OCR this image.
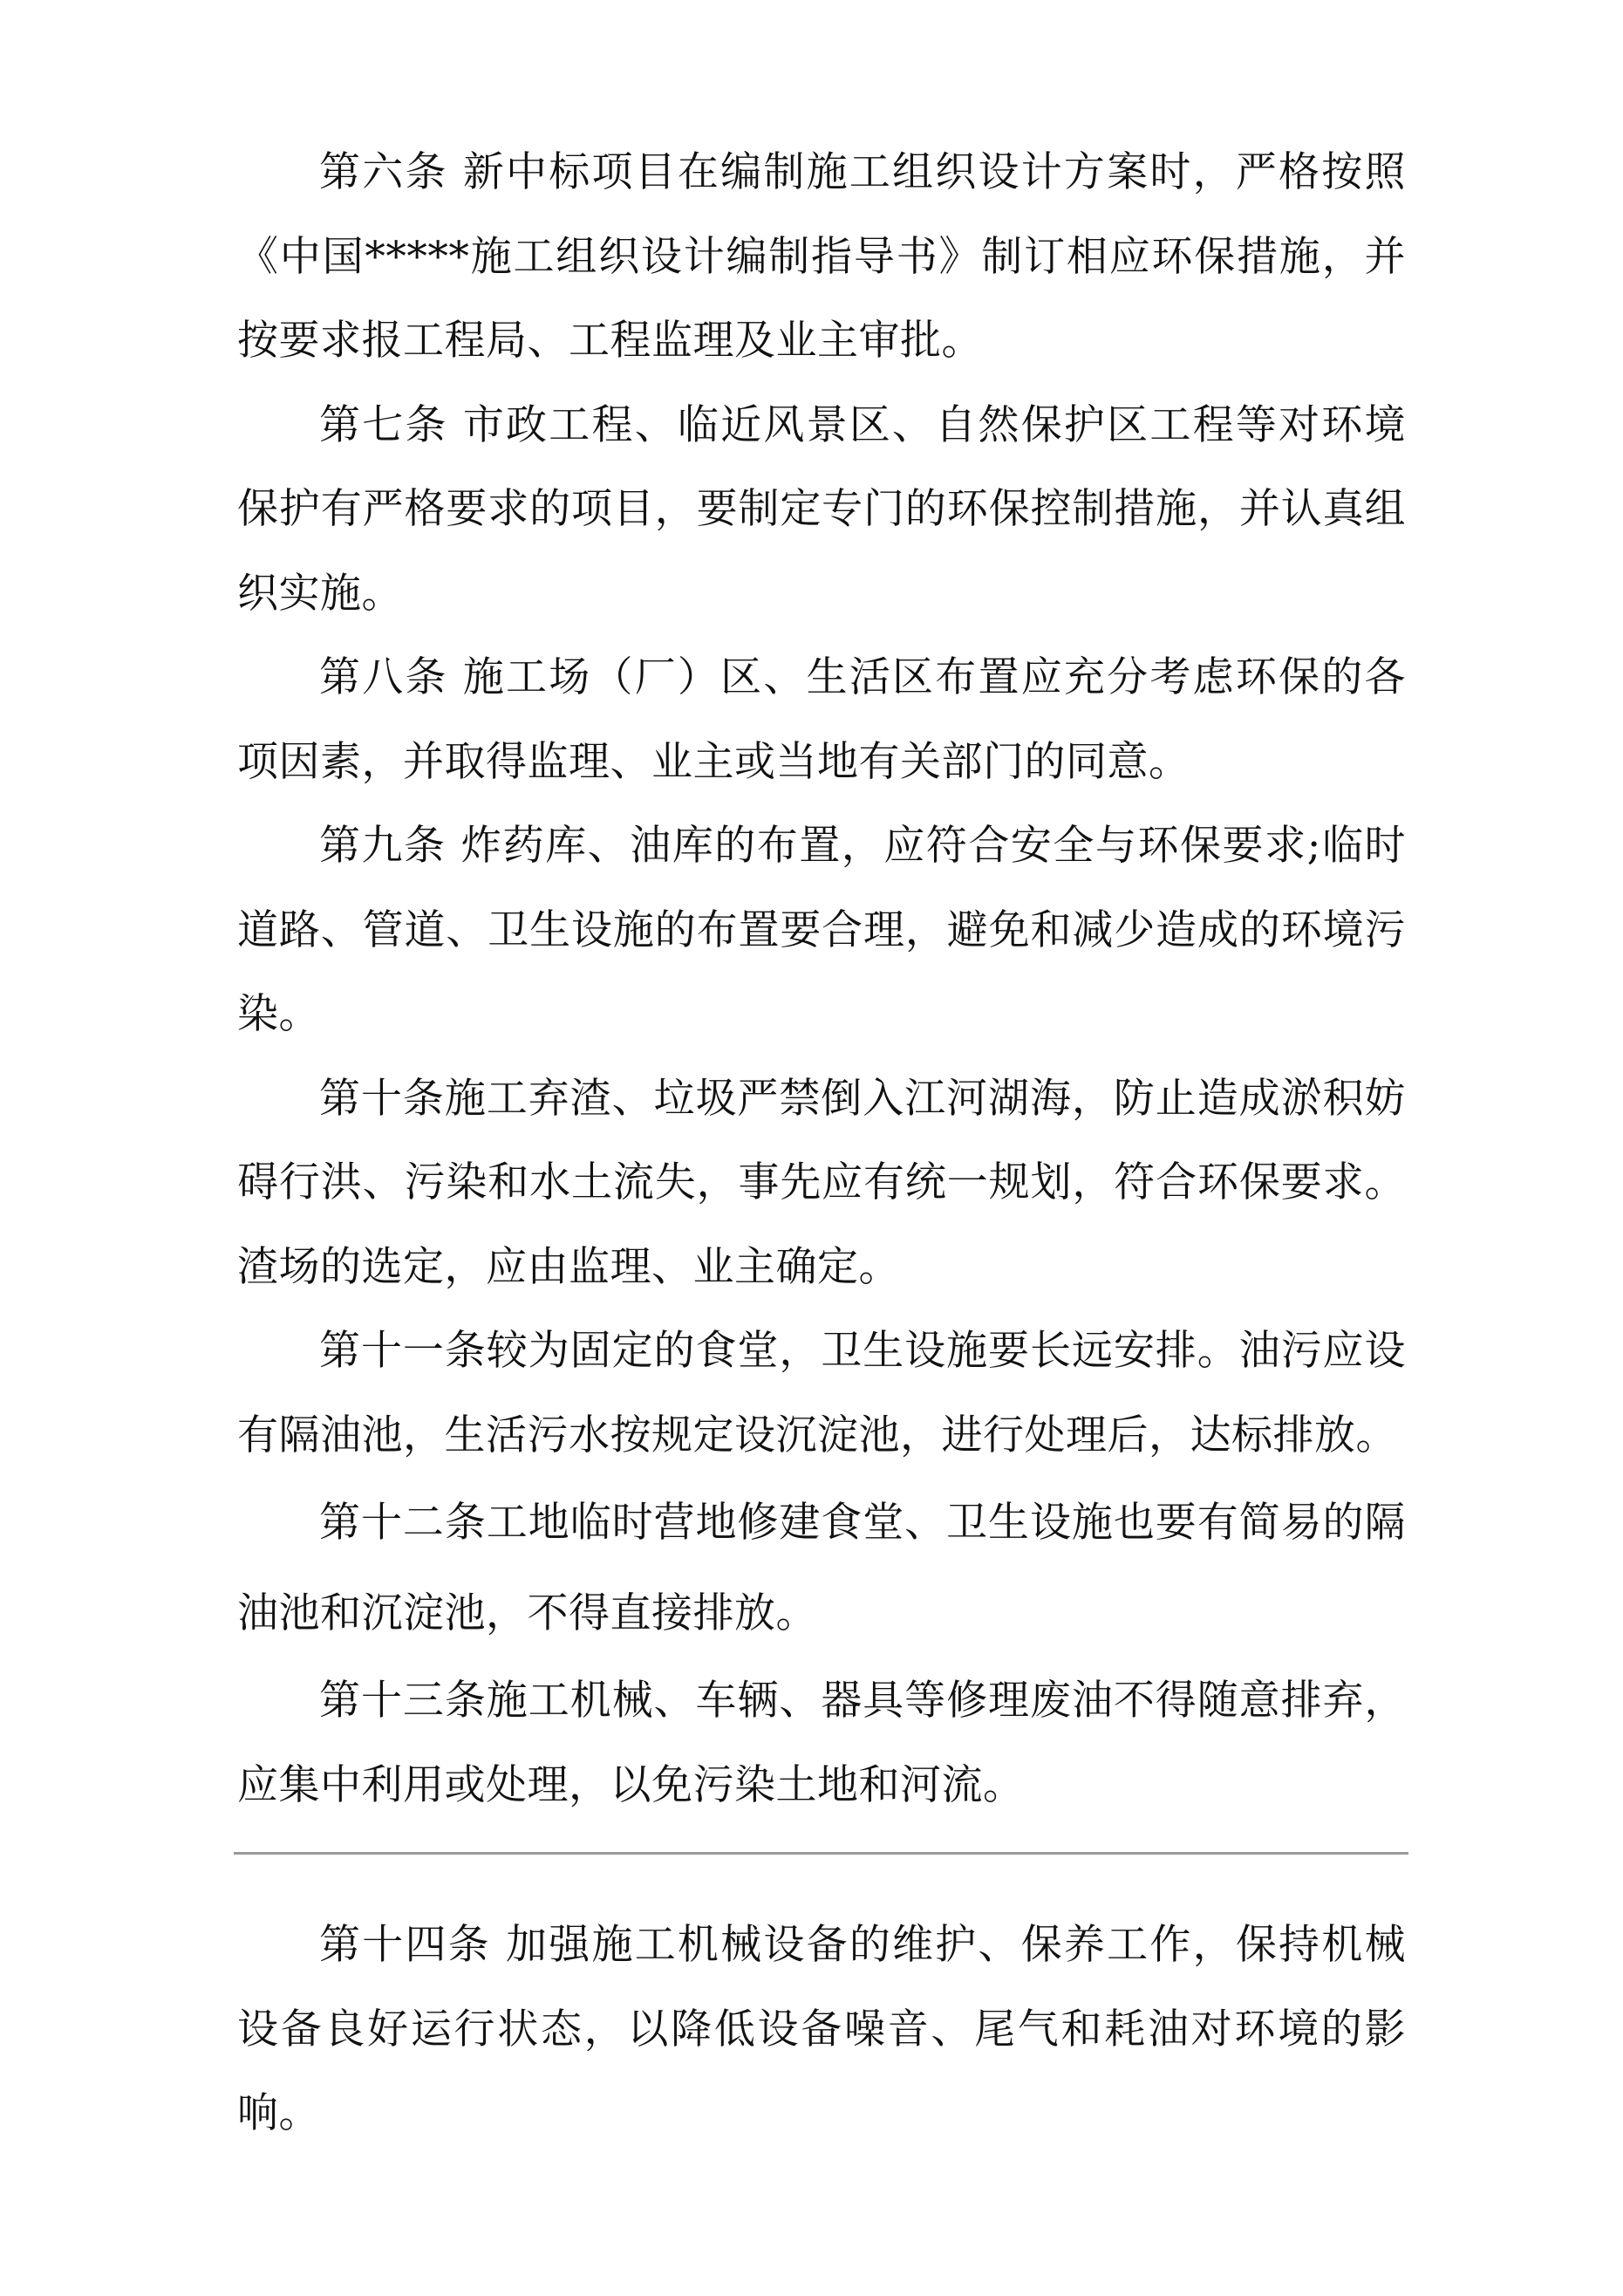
第六条 新中标项目在编制施工组织设计方案时，严格按照《中国*****施工组织设计编制指导书》制订相应环保措施，并按要求报工程局、工程监理及业主审批。

第七条 市政工程、临近风景区、自然保护区工程等对环境保护有严格要求的项目，要制定专门的环保控制措施，并认真组织实施。

第八条 施工场（厂）区、生活区布置应充分考虑环保的各项因素，并取得监理、业主或当地有关部门的同意。

第九条 炸药库、油库的布置，应符合安全与环保要求;临时道路、管道、卫生设施的布置要合理，避免和减少造成的环境污染。

第十条施工弃渣、垃圾严禁倒入江河湖海，防止造成淤积妨碍行洪、污染和水土流失，事先应有统一规划，符合环保要求。渣场的选定，应由监理、业主确定。

第十一条较为固定的食堂，卫生设施要长远安排。油污应设有隔油池，生活污水按规定设沉淀池，进行处理后，达标排放。

第十二条工地临时营地修建食堂、卫生设施也要有简易的隔油池和沉淀池，不得直接排放。

第十三条施工机械、车辆、器具等修理废油不得随意排弃，应集中利用或处理，以免污染土地和河流。

第十四条 加强施工机械设备的维护、保养工作，保持机械设备良好运行状态，以降低设备噪音、尾气和耗油对环境的影响。
